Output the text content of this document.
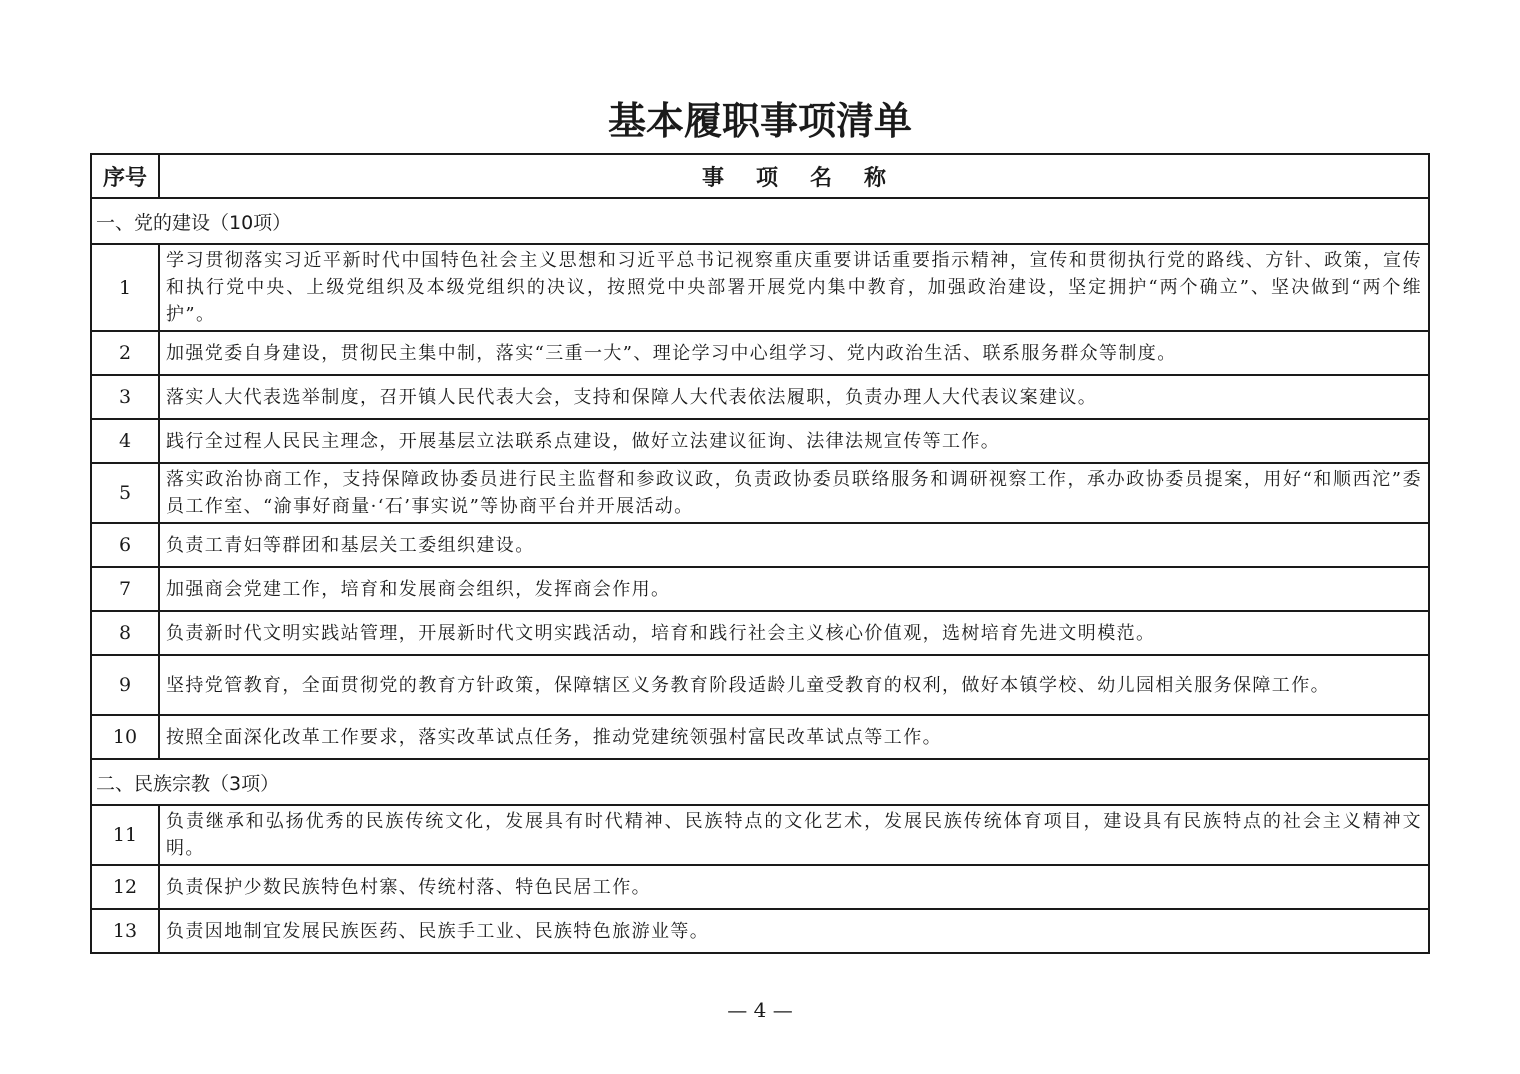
基本履职事项清单
序号	事项名称
一、党的建设（10项）	
1	学习贯彻落实习近平新时代中国特色社会主义思想和习近平总书记视察重庆重要讲话重要指示精神，宣传和贯彻执行党的路线、方针、政策，宣传和执行党中央、上级党组织及本级党组织的决议，按照党中央部署开展党内集中教育，加强政治建设，坚定拥护“两个确立”、坚决做到“两个维护”。
2	加强党委自身建设，贯彻民主集中制，落实“三重一大”、理论学习中心组学习、党内政治生活、联系服务群众等制度。
3	落实人大代表选举制度，召开镇人民代表大会，支持和保障人大代表依法履职，负责办理人大代表议案建议。
4	践行全过程人民民主理念，开展基层立法联系点建设，做好立法建议征询、法律法规宣传等工作。
5	落实政治协商工作，支持保障政协委员进行民主监督和参政议政，负责政协委员联络服务和调研视察工作，承办政协委员提案，用好“和顺西沱”委员工作室、“渝事好商量·‘石’事实说”等协商平台并开展活动。
6	负责工青妇等群团和基层关工委组织建设。
7	加强商会党建工作，培育和发展商会组织，发挥商会作用。
8	负责新时代文明实践站管理，开展新时代文明实践活动，培育和践行社会主义核心价值观，选树培育先进文明模范。
9	坚持党管教育，全面贯彻党的教育方针政策，保障辖区义务教育阶段适龄儿童受教育的权利，做好本镇学校、幼儿园相关服务保障工作。
10	按照全面深化改革工作要求，落实改革试点任务，推动党建统领强村富民改革试点等工作。
二、民族宗教（3项）	
11	负责继承和弘扬优秀的民族传统文化，发展具有时代精神、民族特点的文化艺术，发展民族传统体育项目，建设具有民族特点的社会主义精神文明。
12	负责保护少数民族特色村寨、传统村落、特色民居工作。
13	负责因地制宜发展民族医药、民族手工业、民族特色旅游业等。
— 4 —
